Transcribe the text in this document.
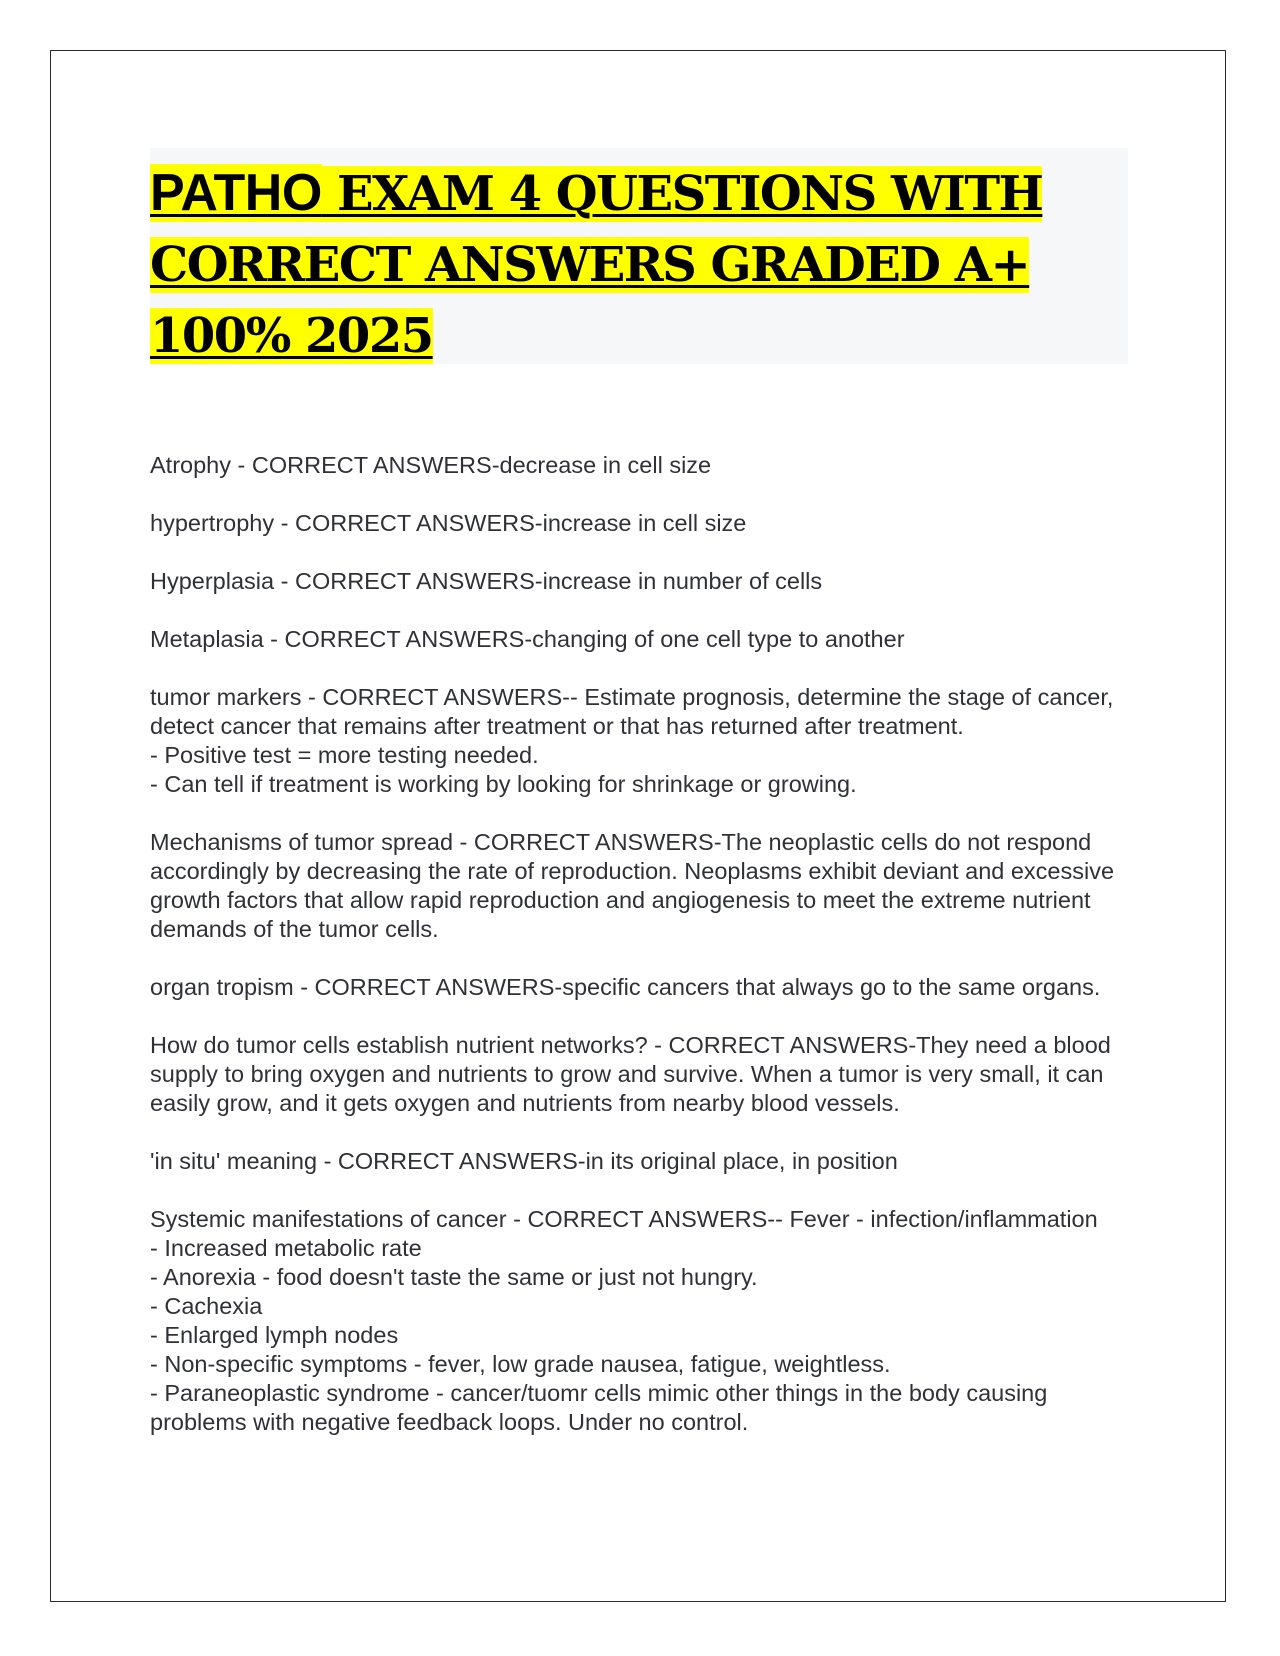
PATHO EXAM 4 QUESTIONS WITH CORRECT ANSWERS GRADED A+ 100% 2025

Atrophy - CORRECT ANSWERS-decrease in cell size

hypertrophy - CORRECT ANSWERS-increase in cell size

Hyperplasia - CORRECT ANSWERS-increase in number of cells

Metaplasia - CORRECT ANSWERS-changing of one cell type to another

tumor markers - CORRECT ANSWERS-- Estimate prognosis, determine the stage of cancer, detect cancer that remains after treatment or that has returned after treatment.
- Positive test = more testing needed.
- Can tell if treatment is working by looking for shrinkage or growing.

Mechanisms of tumor spread - CORRECT ANSWERS-The neoplastic cells do not respond accordingly by decreasing the rate of reproduction. Neoplasms exhibit deviant and excessive growth factors that allow rapid reproduction and angiogenesis to meet the extreme nutrient demands of the tumor cells.

organ tropism - CORRECT ANSWERS-specific cancers that always go to the same organs.

How do tumor cells establish nutrient networks? - CORRECT ANSWERS-They need a blood supply to bring oxygen and nutrients to grow and survive. When a tumor is very small, it can easily grow, and it gets oxygen and nutrients from nearby blood vessels.

'in situ' meaning - CORRECT ANSWERS-in its original place, in position

Systemic manifestations of cancer - CORRECT ANSWERS-- Fever - infection/inflammation
- Increased metabolic rate
- Anorexia - food doesn't taste the same or just not hungry.
- Cachexia
- Enlarged lymph nodes
- Non-specific symptoms - fever, low grade nausea, fatigue, weightless.
- Paraneoplastic syndrome - cancer/tuomr cells mimic other things in the body causing problems with negative feedback loops. Under no control.
